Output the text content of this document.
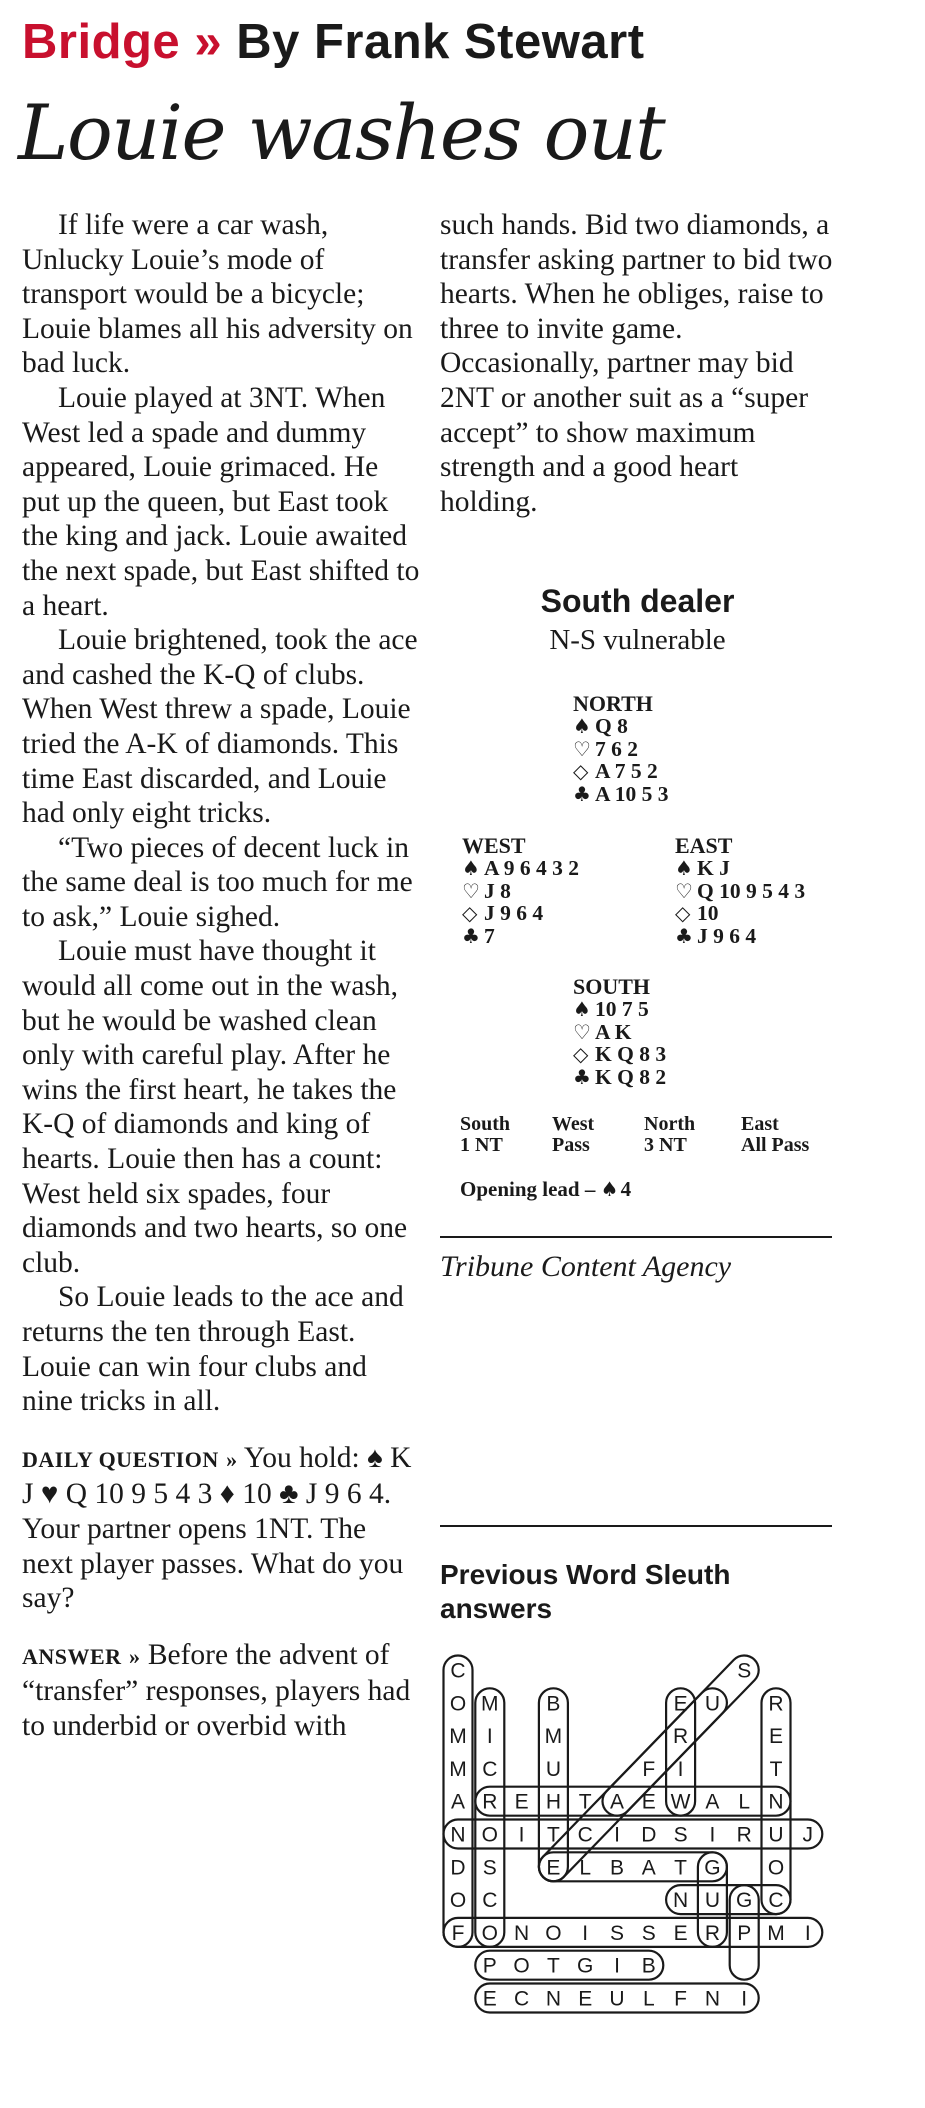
Bridge » By Frank Stewart
Louie washes out

If life were a car wash, Unlucky Louie’s mode of transport would be a bicycle; Louie blames all his adversity on bad luck.

Louie played at 3NT. When West led a spade and dummy appeared, Louie grimaced. He put up the queen, but East took the king and jack. Louie awaited the next spade, but East shifted to a heart.

Louie brightened, took the ace and cashed the K-Q of clubs. When West threw a spade, Louie tried the A-K of diamonds. This time East discarded, and Louie had only eight tricks.

“Two pieces of decent luck in the same deal is too much for me to ask,” Louie sighed.

Louie must have thought it would all come out in the wash, but he would be washed clean only with careful play. After he wins the first heart, he takes the K-Q of diamonds and king of hearts. Louie then has a count: West held six spades, four diamonds and two hearts, so one club.

So Louie leads to the ace and returns the ten through East. Louie can win four clubs and nine tricks in all.

DAILY QUESTION » You hold: ♠ K J ♥ Q 10 9 5 4 3 ♦ 10 ♣ J 9 6 4. Your partner opens 1NT. The next player passes. What do you say?

ANSWER » Before the advent of “transfer” responses, players had to underbid or overbid with

such hands. Bid two diamonds, a transfer asking partner to bid two hearts. When he obliges, raise to three to invite game. Occasionally, partner may bid 2NT or another suit as a “super accept” to show maximum strength and a good heart holding.

South dealer
N-S vulnerable
NORTH
♠ Q 8
♡ 7 6 2
◇ A 7 5 2
♣ A 10 5 3
WEST
♠ A 9 6 4 3 2
♡ J 8
◇ J 9 6 4
♣ 7
EAST
♠ K J
♡ Q 10 9 5 4 3
◇ 10
♣ J 9 6 4
SOUTH
♠ 10 7 5
♡ A K
◇ K Q 8 3
♣ K Q 8 2
South West North East
1 NT Pass	3 NT	All Pass
Opening lead – ♠4
Tribune Content Agency
Previous Word Sleuth answers
C	S
O M B	E U R
M I M	R	E
M C U	F I	T
A R E H T A E W A L N
N O I T C I D S I R U J
D S E L B A T G O
O C	N U G C
F O N O I S S E R P M I
P O T G I B
E C N E U L F N I
